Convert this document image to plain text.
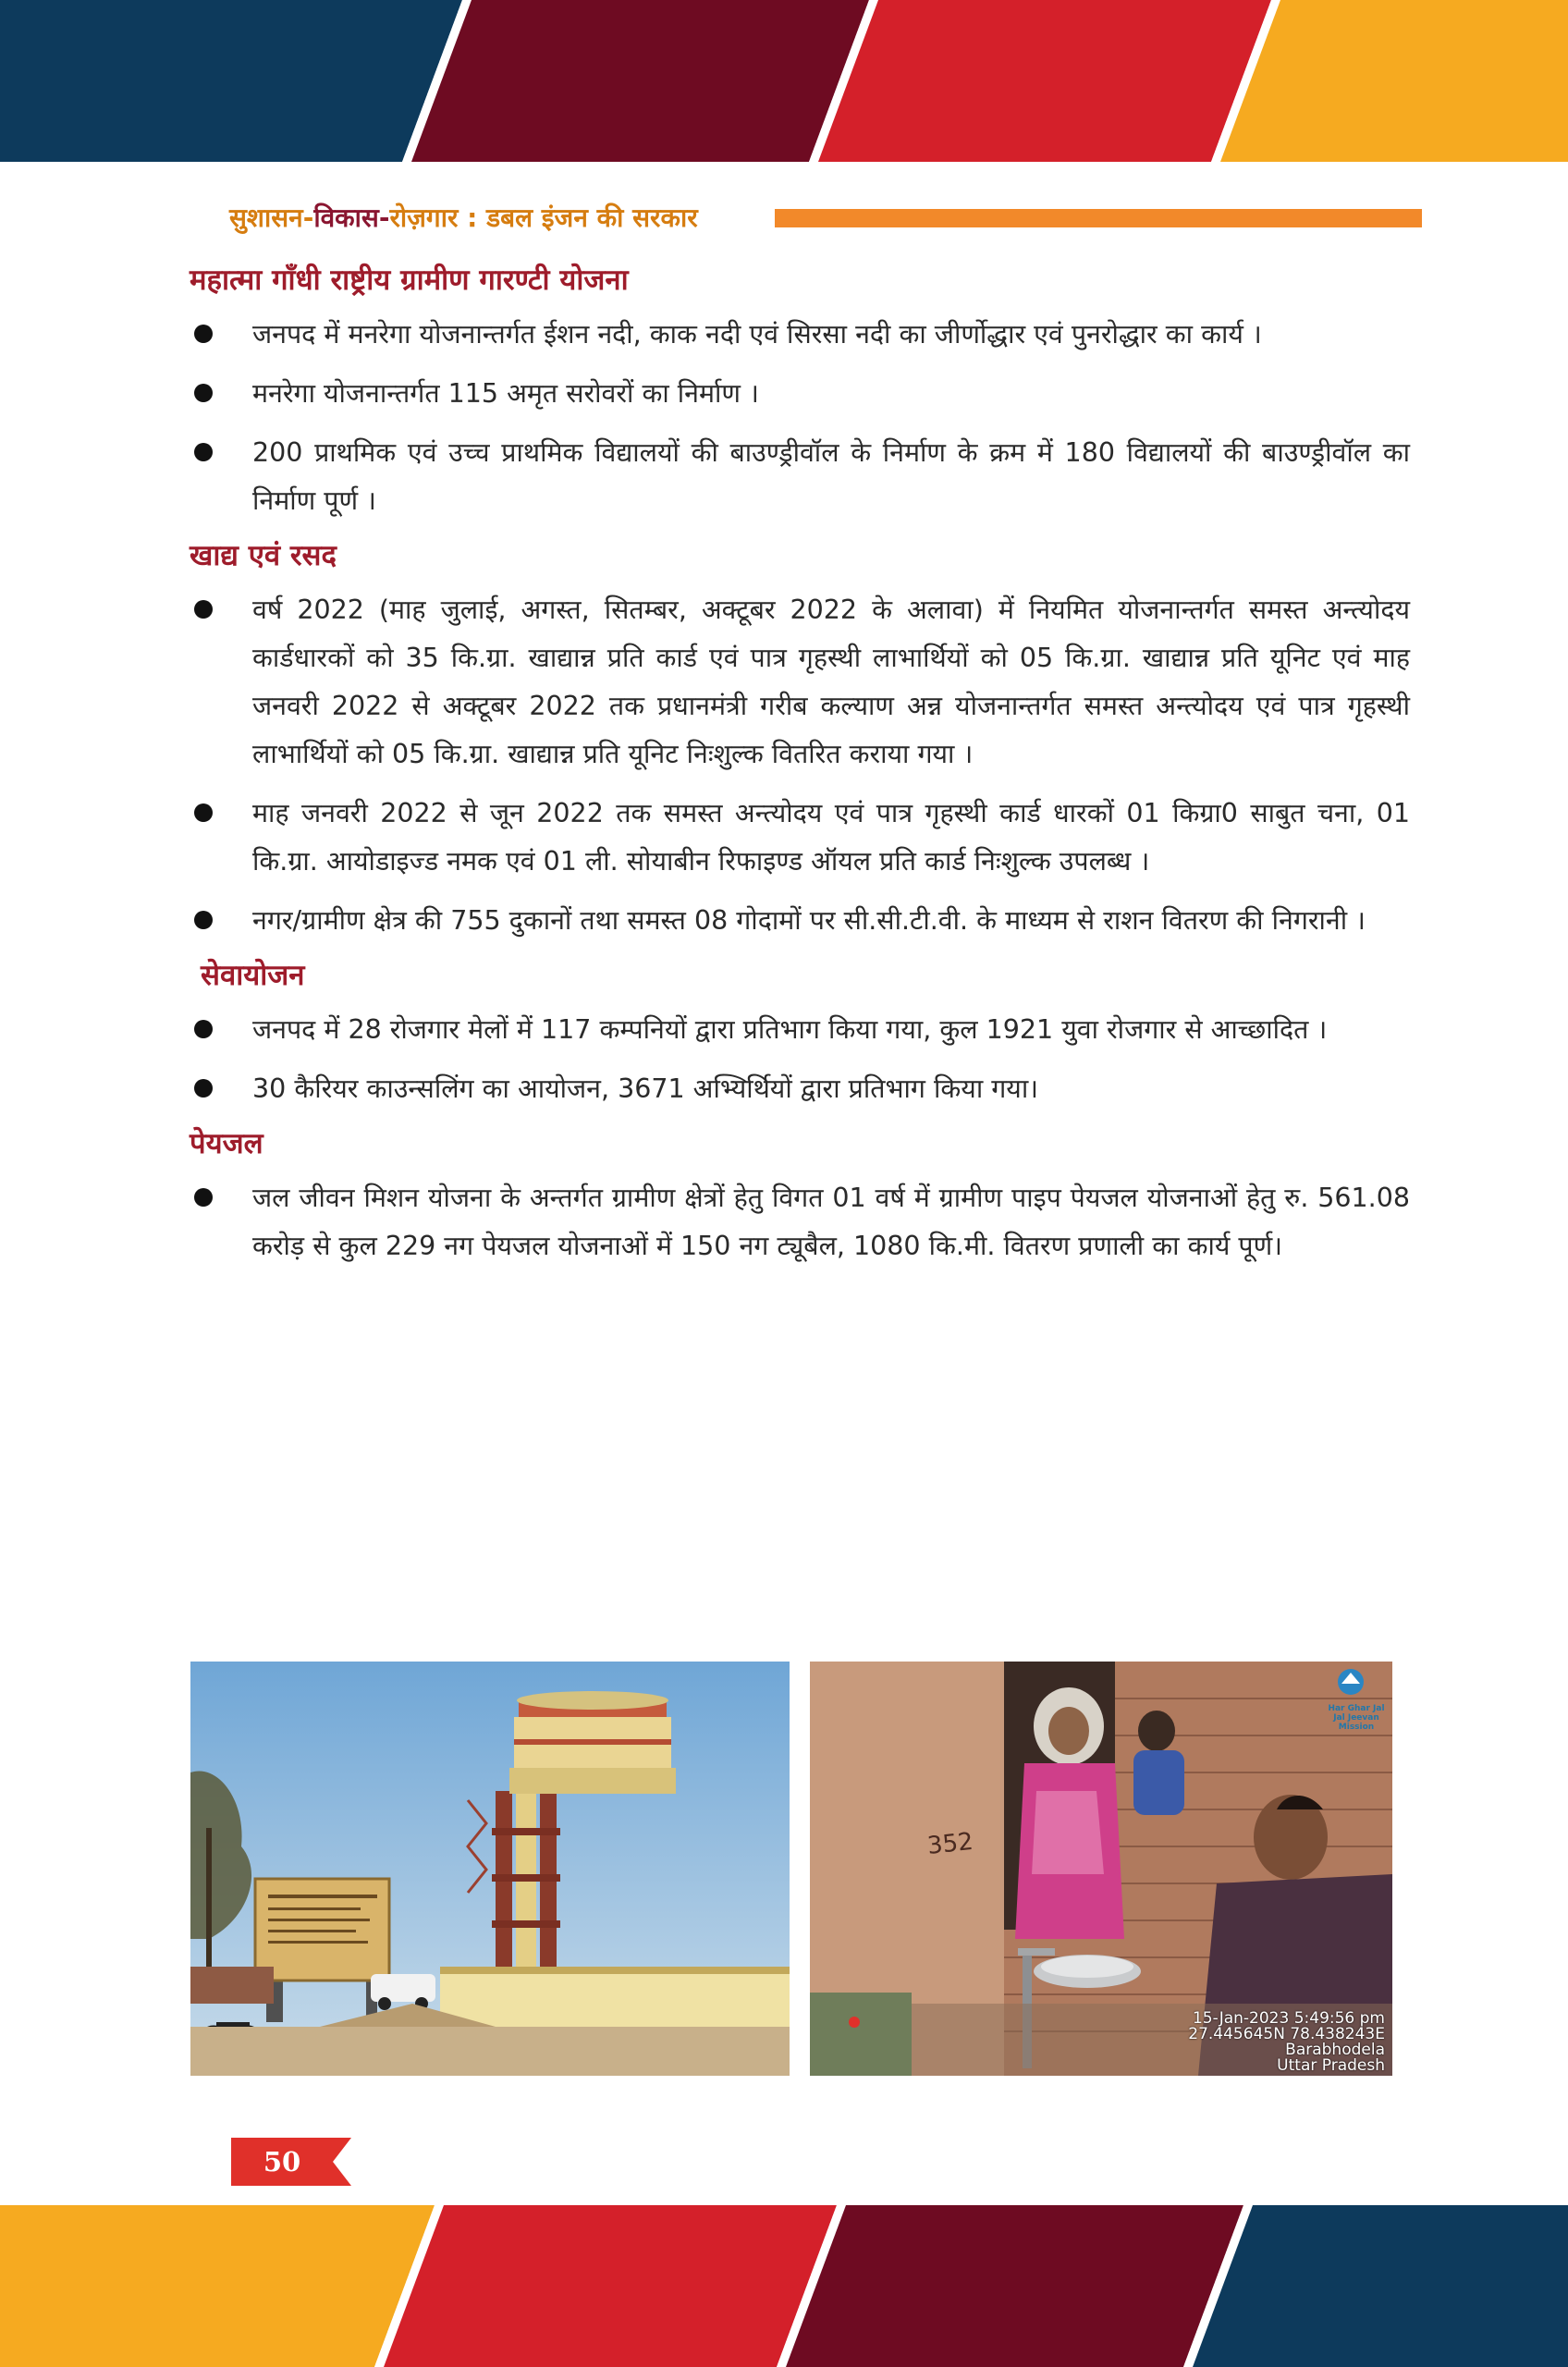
सुशासन-विकास-रोज़गार : डबल इंजन की सरकार
महात्मा गाँधी राष्ट्रीय ग्रामीण गारण्टी योजना
जनपद में मनरेगा योजनान्तर्गत ईशन नदी, काक नदी एवं सिरसा नदी का जीर्णोद्धार एवं पुनरोद्धार का कार्य ।
मनरेगा योजनान्तर्गत 115 अमृत सरोवरों का निर्माण ।
200 प्राथमिक एवं उच्च प्राथमिक विद्यालयों की बाउण्ड्रीवॉल के निर्माण के क्रम में 180 विद्यालयों की बाउण्ड्रीवॉल का निर्माण पूर्ण ।
खाद्य एवं रसद
वर्ष 2022 (माह जुलाई, अगस्त, सितम्बर, अक्टूबर 2022 के अलावा) में नियमित योजनान्तर्गत समस्त अन्त्योदय कार्डधारकों को 35 कि.ग्रा. खाद्यान्न प्रति कार्ड एवं पात्र गृहस्थी लाभार्थियों को 05 कि.ग्रा. खाद्यान्न प्रति यूनिट एवं माह जनवरी 2022 से अक्टूबर 2022 तक प्रधानमंत्री गरीब कल्याण अन्न योजनान्तर्गत समस्त अन्त्योदय एवं पात्र गृहस्थी लाभार्थियों को 05 कि.ग्रा. खाद्यान्न प्रति यूनिट निःशुल्क वितरित कराया गया ।
माह जनवरी 2022 से जून 2022 तक समस्त अन्त्योदय एवं पात्र गृहस्थी कार्ड धारकों 01 किग्रा0 साबुत चना, 01 कि.ग्रा. आयोडाइज्ड नमक एवं 01 ली. सोयाबीन रिफाइण्ड ऑयल प्रति कार्ड निःशुल्क उपलब्ध ।
नगर/ग्रामीण क्षेत्र की 755 दुकानों तथा समस्त 08 गोदामों पर सी.सी.टी.वी. के माध्यम से राशन वितरण की निगरानी ।
सेवायोजन
जनपद में 28 रोजगार मेलों में 117 कम्पनियों द्वारा प्रतिभाग किया गया, कुल 1921 युवा रोजगार से आच्छादित ।
30 कैरियर काउन्सलिंग का आयोजन, 3671 अभ्यिर्थियों द्वारा प्रतिभाग किया गया।
पेयजल
जल जीवन मिशन योजना के अन्तर्गत ग्रामीण क्षेत्रों हेतु विगत 01 वर्ष में ग्रामीण पाइप पेयजल योजनाओं हेतु रु. 561.08 करोड़ से कुल 229 नग पेयजल योजनाओं में 150 नग ट्यूबैल, 1080 कि.मी. वितरण प्रणाली का कार्य पूर्ण।
352
Har Ghar Jal
Jal Jeevan Mission
15-Jan-2023 5:49:56 pm
27.445645N 78.438243E
Barabhodela
Uttar Pradesh
50
